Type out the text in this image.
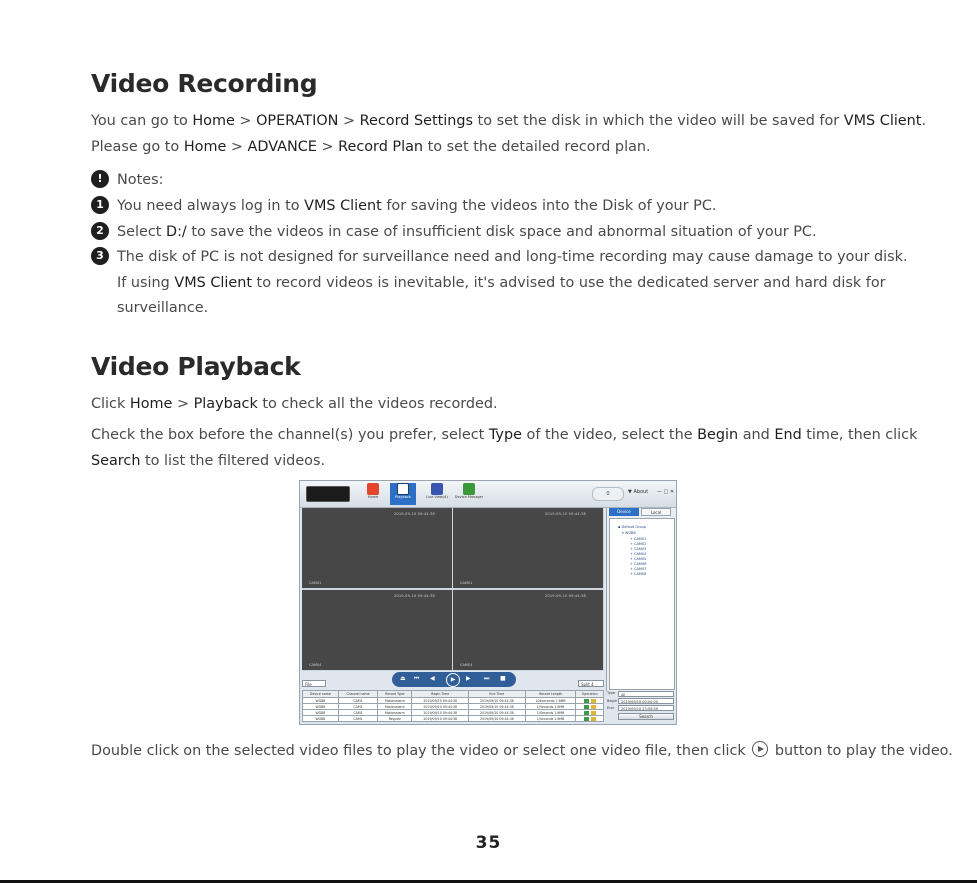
Video Recording

You can go to Home > OPERATION > Record Settings to set the disk in which the video will be saved for VMS Client.

Please go to Home > ADVANCE > Record Plan to set the detailed record plan.

! Notes:
1 You need always log in to VMS Client for saving the videos into the Disk of your PC.
2 Select D:/ to save the videos in case of insufficient disk space and abnormal situation of your PC.
3 The disk of PC is not designed for surveillance need and long-time recording may cause damage to your disk.
If using VMS Client to record videos is inevitable, it's advised to use the dedicated server and hard disk for
surveillance.
Video Playback

Click Home > Playback to check all the videos recorded.

Check the box before the channel(s) you prefer, select Type of the video, select the Begin and End time, then click

Search to list the filtered videos.

Home	Playback	Live View(4)	Device Manager	0	▼ About — □ ✕
2019-09-10 09:44:38
CAM01
2019-09-10 09:44:38
CAM01
2019-09-10 09:44:38
CAM04
2019-09-10 09:44:38
CAM04
⏏ ⏮ ◀	▶	▶ ⏭ ■
File	Split 4
Device name	Channel name	Record Type	Begin Time	End Time	Record Length	Operation
WGB8	CAM1	Motionalarm	2019/09/10 09:44:38	2019/09/10 09:44:38	104seconds 7.6MB	
WGB8	CAM1	Motionalarm	2019/09/10 09:44:38	2019/09/10 09:44:38	1/Seconds 1.6MB	
WGB8	CAM1	Motionalarm	2019/09/10 09:44:38	2019/09/10 09:44:38	1/Seconds 1.6MB	
WGB8	CAM1	Regular	2019/09/10 09:44:38	2019/09/10 09:44:38	1/Seconds 1.6MB	
Device	Local
▪ Default Group
▾ WGB8
+ CAM01
+ CAM02
+ CAM03
+ CAM04
+ CAM05
+ CAM06
+ CAM07
+ CAM08
Type	All
Begin	2019/09/10 00:00:00
End	2019/09/10 23:59:59
Search

Double click on the selected video files to play the video or select one video file, then click  button to play the video.

35
